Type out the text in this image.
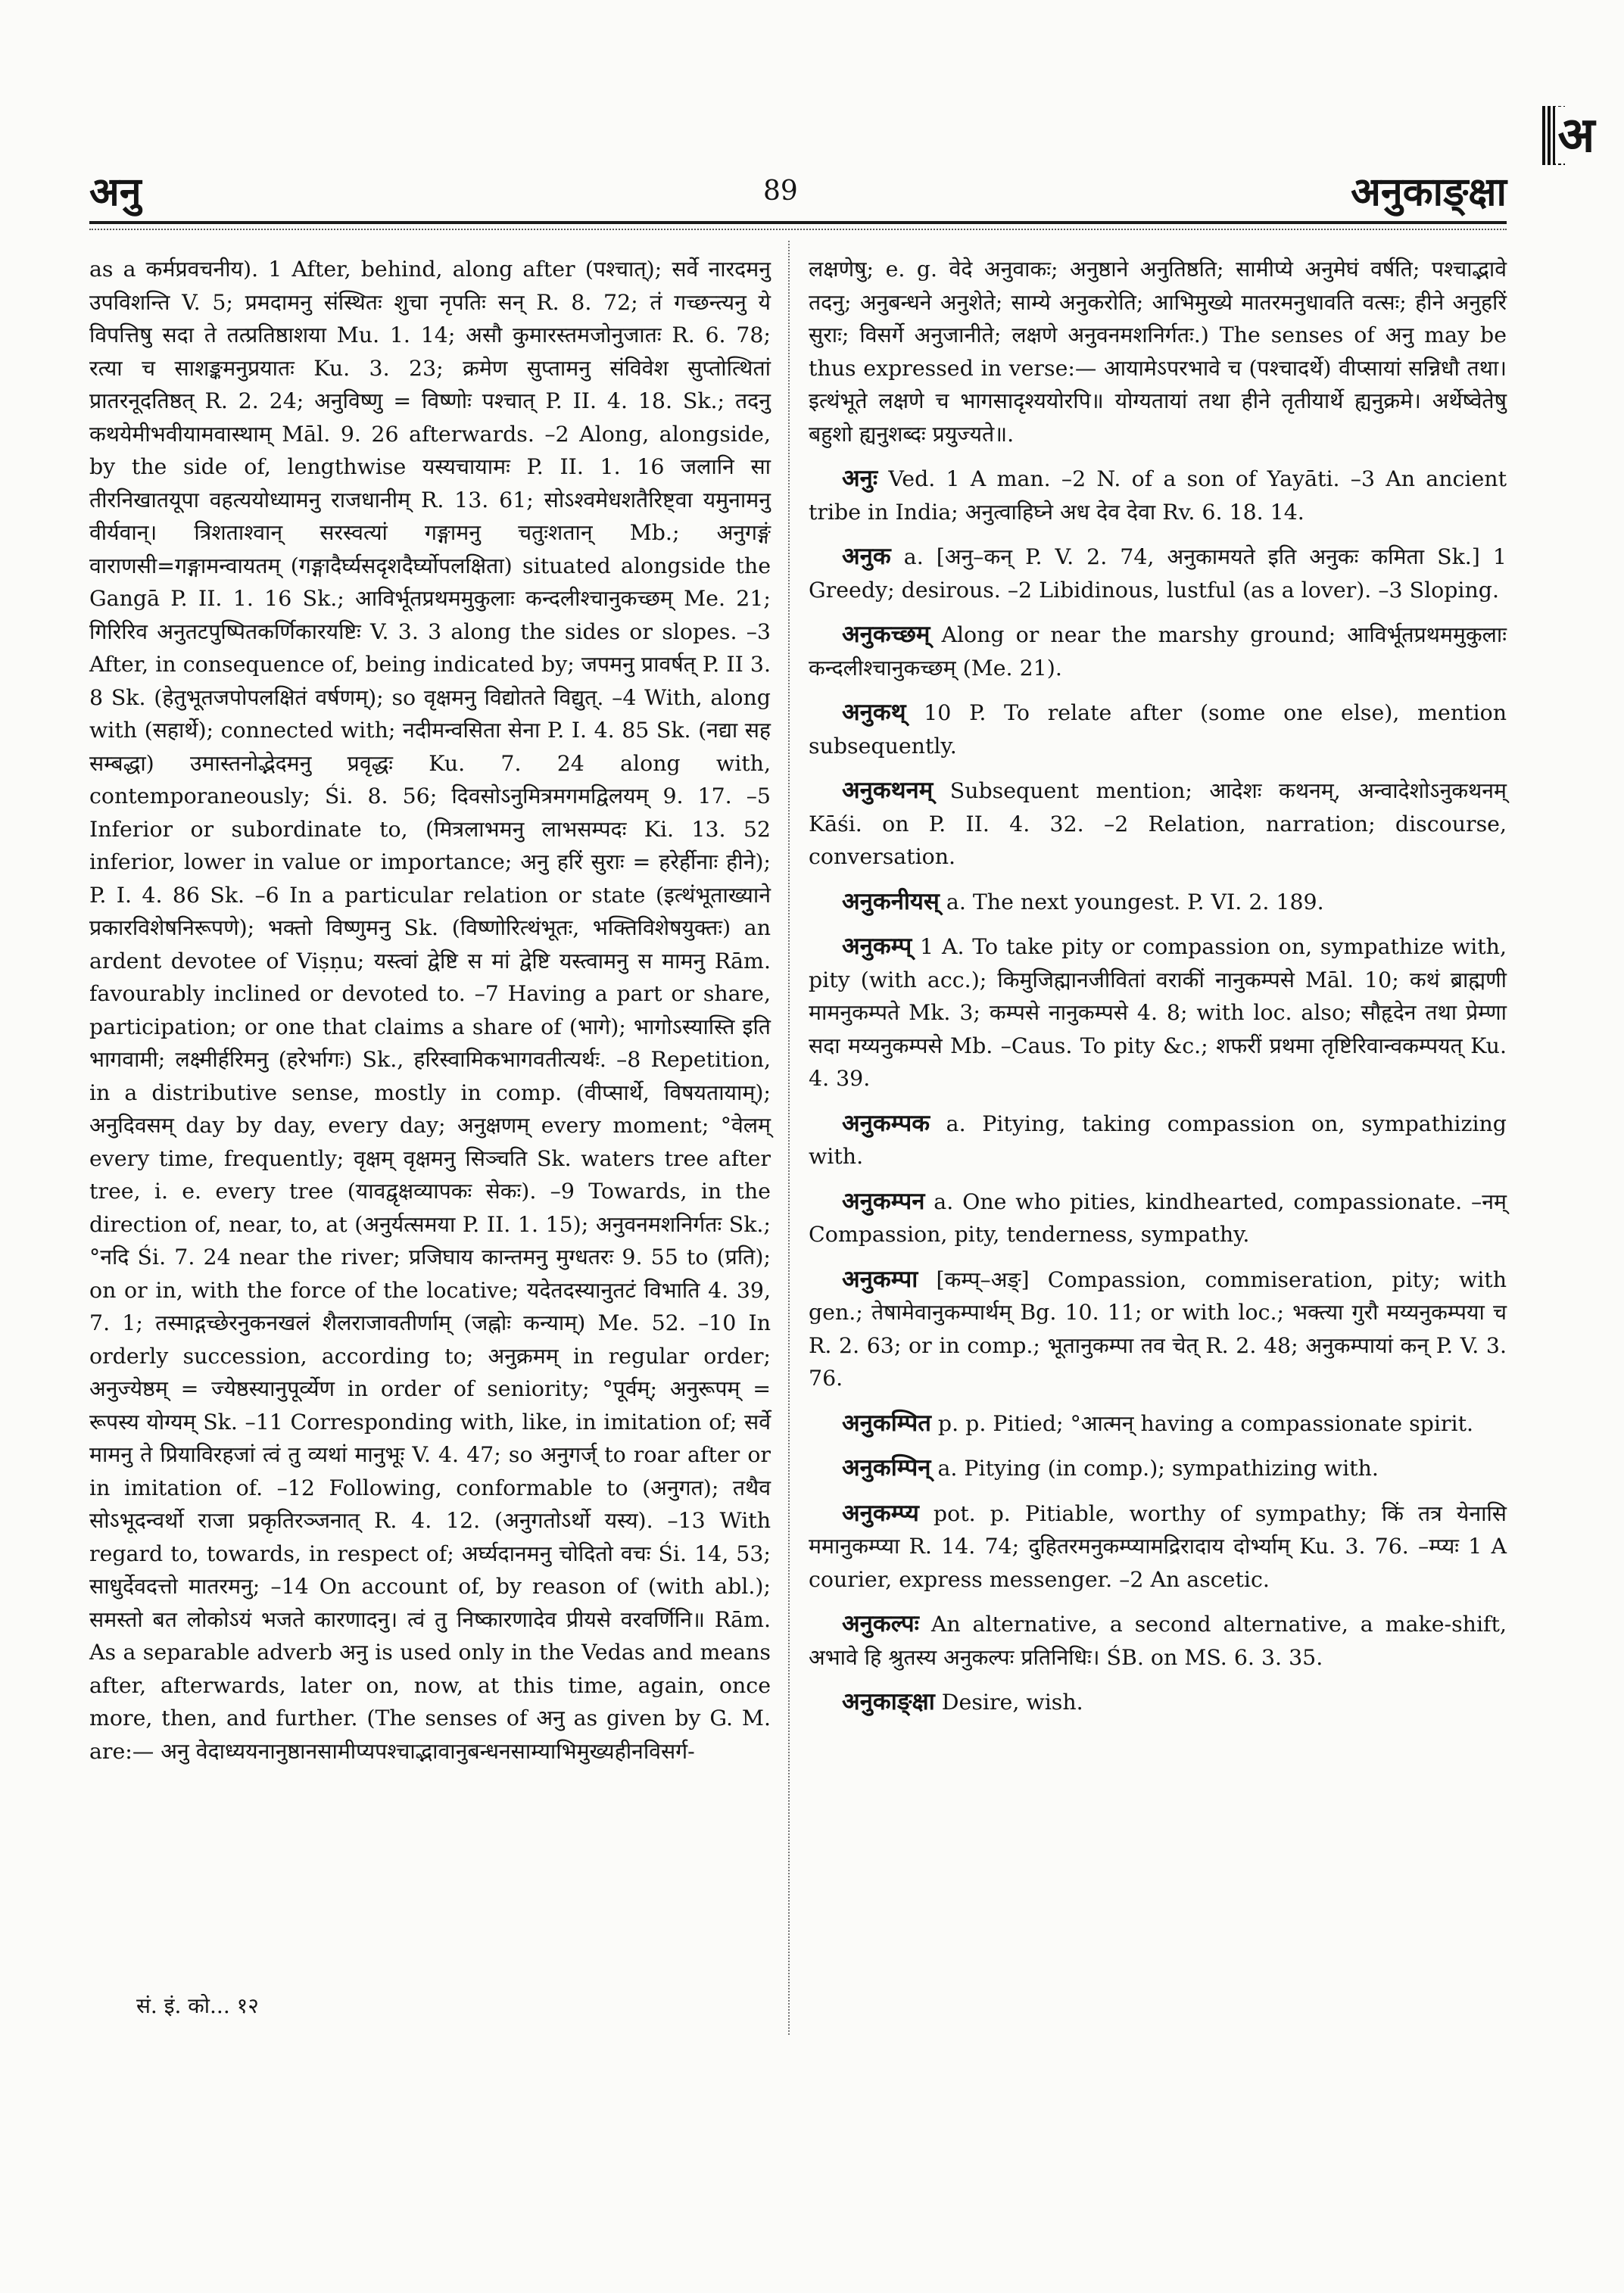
अ
अनु	89	अनुकाङ्क्षा

as a कर्मप्रवचनीय). 1 After, behind, along after (पश्चात्); सर्वे नारदमनु उपविशन्ति V. 5; प्रमदामनु संस्थितः शुचा नृपतिः सन् R. 8. 72; तं गच्छन्त्यनु ये विपत्तिषु सदा ते तत्प्रतिष्ठाशया Mu. 1. 14; असौ कुमारस्तमजोनुजातः R. 6. 78; रत्या च साशङ्कमनुप्रयातः Ku. 3. 23; क्रमेण सुप्तामनु संविवेश सुप्तोत्थितां प्रातरनूदतिष्ठत् R. 2. 24; अनुविष्णु = विष्णोः पश्चात् P. II. 4. 18. Sk.; तदनु कथयेमीभवीयामवास्थाम् Māl. 9. 26 afterwards. –2 Along, alongside, by the side of, lengthwise यस्यचायामः P. II. 1. 16 जलानि सा तीरनिखातयूपा वहत्ययोध्यामनु राजधानीम् R. 13. 61; सोऽश्वमेधशतैरिष्ट्वा यमुनामनु वीर्यवान्। त्रिशताश्वान् सरस्वत्यां गङ्गामनु चतुःशतान् Mb.; अनुगङ्गं वाराणसी=गङ्गामन्वायतम् (गङ्गादैर्घ्यसदृशदैर्घ्योपलक्षिता) situated alongside the Gangā P. II. 1. 16 Sk.; आविर्भूतप्रथममुकुलाः कन्दलीश्चानुकच्छम् Me. 21; गिरिरिव अनुतटपुष्पितकर्णिकारयष्टिः V. 3. 3 along the sides or slopes. –3 After, in consequence of, being indicated by; जपमनु प्रावर्षत् P. II 3. 8 Sk. (हेतुभूतजपोपलक्षितं वर्षणम्); so वृक्षमनु विद्योतते विद्युत्. –4 With, along with (सहार्थे); connected with; नदीमन्वसिता सेना P. I. 4. 85 Sk. (नद्या सह सम्बद्धा) उमास्तनोद्भेदमनु प्रवृद्धः Ku. 7. 24 along with, contemporaneously; Śi. 8. 56; दिवसोऽनुमित्रमगमद्विलयम् 9. 17. –5 Inferior or subordinate to, (मित्रलाभमनु लाभसम्पदः Ki. 13. 52 inferior, lower in value or importance; अनु हरिं सुराः = हरेर्हीनाः हीने); P. I. 4. 86 Sk. –6 In a particular relation or state (इत्थंभूताख्याने प्रकारविशेषनिरूपणे); भक्तो विष्णुमनु Sk. (विष्णोरित्थंभूतः, भक्तिविशेषयुक्तः) an ardent devotee of Viṣṇu; यस्त्वां द्वेष्टि स मां द्वेष्टि यस्त्वामनु स मामनु Rām. favourably inclined or devoted to. –7 Having a part or share, participation; or one that claims a share of (भागे); भागोऽस्यास्ति इति भागवामी; लक्ष्मीर्हरिमनु (हरेर्भागः) Sk., हरिस्वामिकभागवतीत्यर्थः. –8 Repetition, in a distributive sense, mostly in comp. (वीप्सार्थे, विषयतायाम्); अनुदिवसम् day by day, every day; अनुक्षणम् every moment; °वेलम् every time, frequently; वृक्षम् वृक्षमनु सिञ्चति Sk. waters tree after tree, i. e. every tree (यावद्वृक्षव्यापकः सेकः). –9 Towards, in the direction of, near, to, at (अनुर्यत्समया P. II. 1. 15); अनुवनमशनिर्गतः Sk.; °नदि Śi. 7. 24 near the river; प्रजिघाय कान्तमनु मुग्धतरः 9. 55 to (प्रति); on or in, with the force of the locative; यदेतदस्यानुतटं विभाति 4. 39, 7. 1; तस्माद्गच्छेरनुकनखलं शैलराजावतीर्णाम् (जह्नोः कन्याम्) Me. 52. –10 In orderly succession, according to; अनुक्रमम् in regular order; अनुज्येष्ठम् = ज्येष्ठस्यानुपूर्व्येण in order of seniority; °पूर्वम्; अनुरूपम् = रूपस्य योग्यम् Sk. –11 Corresponding with, like, in imitation of; सर्वे मामनु ते प्रियाविरहजां त्वं तु व्यथां मानुभूः V. 4. 47; so अनुगर्ज् to roar after or in imitation of. –12 Following, conformable to (अनुगत); तथैव सोऽभूदन्वर्थो राजा प्रकृतिरञ्जनात् R. 4. 12. (अनुगतोऽर्थो यस्य). –13 With regard to, towards, in respect of; अर्घ्यदानमनु चोदितो वचः Śi. 14, 53; साधुर्देवदत्तो मातरमनु; –14 On account of, by reason of (with abl.); समस्तो बत लोकोऽयं भजते कारणादनु। त्वं तु निष्कारणादेव प्रीयसे वरवर्णिनि॥ Rām. As a separable adverb अनु is used only in the Vedas and means after, afterwards, later on, now, at this time, again, once more, then, and further. (The senses of अनु as given by G. M. are:— अनु वेदाध्ययनानुष्ठानसामीप्यपश्चाद्भावानुबन्धनसाम्याभिमुख्यहीनविसर्ग-

लक्षणेषु; e. g. वेदे अनुवाकः; अनुष्ठाने अनुतिष्ठति; सामीप्ये अनुमेघं वर्षति; पश्चाद्भावे तदनु; अनुबन्धने अनुशेते; साम्ये अनुकरोति; आभिमुख्ये मातरमनुधावति वत्सः; हीने अनुहरिं सुराः; विसर्गे अनुजानीते; लक्षणे अनुवनमशनिर्गतः.) The senses of अनु may be thus expressed in verse:— आयामेऽपरभावे च (पश्चादर्थे) वीप्सायां सन्निधौ तथा। इत्थंभूते लक्षणे च भागसादृश्ययोरपि॥ योग्यतायां तथा हीने तृतीयार्थे ह्यनुक्रमे। अर्थेष्वेतेषु बहुशो ह्यनुशब्दः प्रयुज्यते॥.

अनुः Ved. 1 A man. –2 N. of a son of Yayāti. –3 An ancient tribe in India; अनुत्वाहिघ्ने अध देव देवा Rv. 6. 18. 14.

अनुक a. [अनु–कन् P. V. 2. 74, अनुकामयते इति अनुकः कमिता Sk.] 1 Greedy; desirous. –2 Libidinous, lustful (as a lover). –3 Sloping.

अनुकच्छम् Along or near the marshy ground; आविर्भूतप्रथममुकुलाः कन्दलीश्चानुकच्छम् (Me. 21).

अनुकथ् 10 P. To relate after (some one else), mention subsequently.

अनुकथनम् Subsequent mention; आदेशः कथनम्, अन्वादेशोऽनुकथनम् Kāśi. on P. II. 4. 32. –2 Relation, narration; discourse, conversation.

अनुकनीयस् a. The next youngest. P. VI. 2. 189.

अनुकम्प् 1 A. To take pity or compassion on, sympathize with, pity (with acc.); किमुजिह्मानजीवितां वराकीं नानुकम्पसे Māl. 10; कथं ब्राह्मणी मामनुकम्पते Mk. 3; कम्पसे नानुकम्पसे 4. 8; with loc. also; सौहृदेन तथा प्रेम्णा सदा मय्यनुकम्पसे Mb. –Caus. To pity &c.; शफरीं प्रथमा तृष्टिरिवान्वकम्पयत् Ku. 4. 39.

अनुकम्पक a. Pitying, taking compassion on, sympathizing with.

अनुकम्पन a. One who pities, kindhearted, compassionate. –नम् Compassion, pity, tenderness, sympathy.

अनुकम्पा [कम्प्–अङ्] Compassion, commiseration, pity; with gen.; तेषामेवानुकम्पार्थम् Bg. 10. 11; or with loc.; भक्त्या गुरौ मय्यनुकम्पया च R. 2. 63; or in comp.; भूतानुकम्पा तव चेत् R. 2. 48; अनुकम्पायां कन् P. V. 3. 76.

अनुकम्पित p. p. Pitied; °आत्मन् having a compassionate spirit.

अनुकम्पिन् a. Pitying (in comp.); sympathizing with.

अनुकम्प्य pot. p. Pitiable, worthy of sympathy; किं तत्र येनासि ममानुकम्प्या R. 14. 74; दुहितरमनुकम्प्यामद्रिरादाय दोर्भ्याम् Ku. 3. 76. –म्प्यः 1 A courier, express messenger. –2 An ascetic.

अनुकल्पः An alternative, a second alternative, a make-shift, अभावे हि श्रुतस्य अनुकल्पः प्रतिनिधिः। ŚB. on MS. 6. 3. 35.

अनुकाङ्क्षा Desire, wish.

सं. इं. को... १२
